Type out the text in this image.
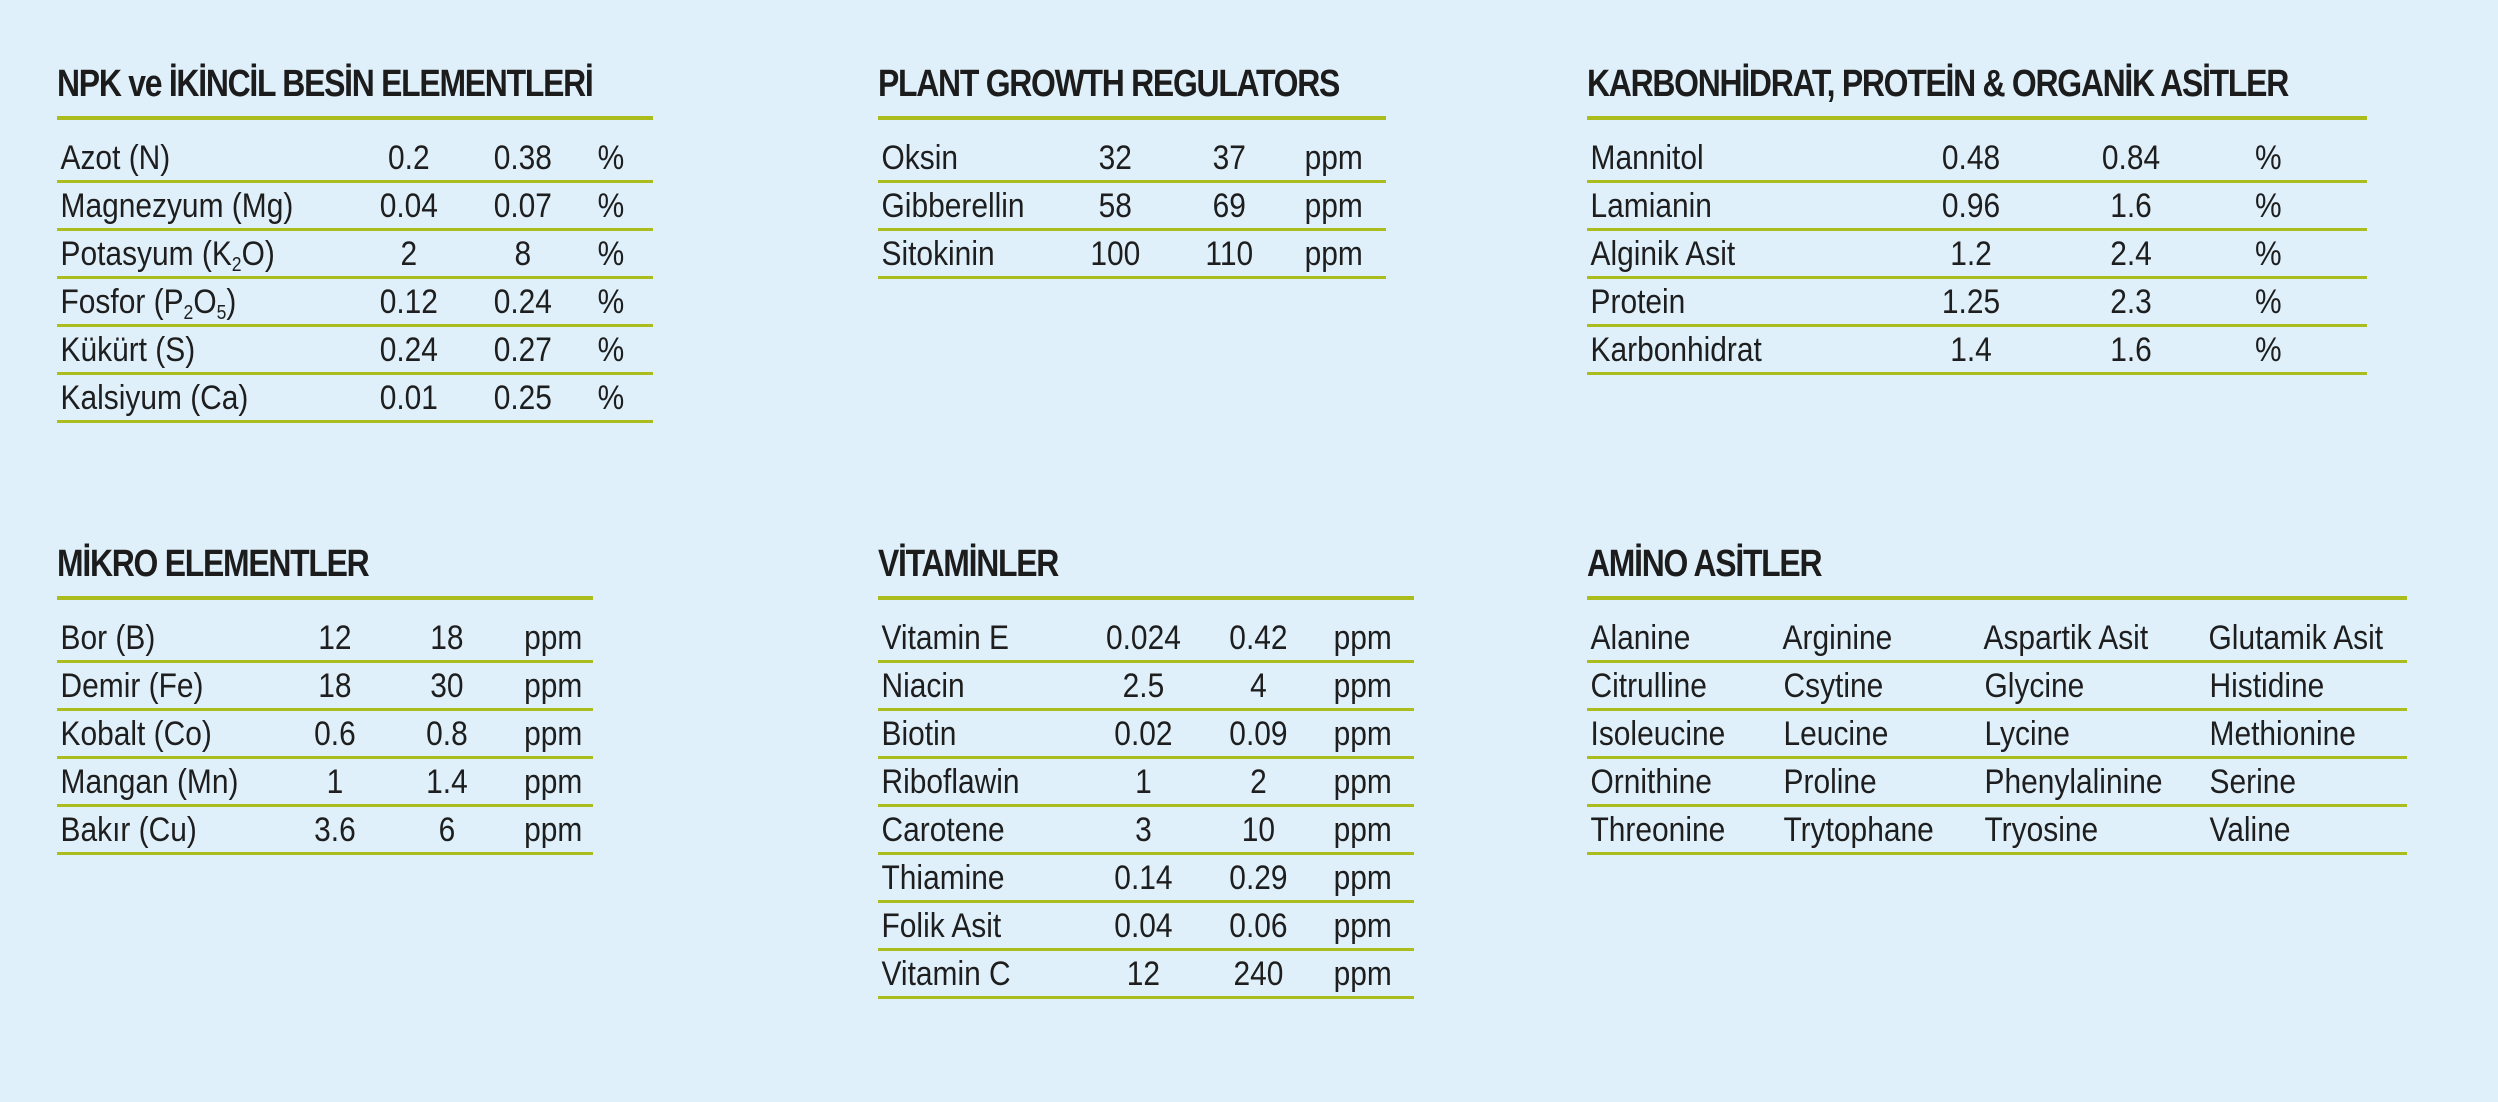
NPK ve İKİNCİL BESİN ELEMENTLERİ
Azot (N)	0.2	0.38	%
Magnezyum (Mg)	0.04	0.07	%
Potasyum $(K_2O)$	2	8	%
Fosfor $(P_2O_5)$	0.12	0.24	%
Kükürt (S)	0.24	0.27	%
Kalsiyum (Ca)	0.01	0.25	%
PLANT GROWTH REGULATORS
Oksin	32	37	ppm
Gibberellin	58	69	ppm
Sitokinin	100	110	ppm
KARBONHİDRAT, PROTEİN & ORGANİK ASİTLER
Mannitol	0.48	0.84	%
Lamianin	0.96	1.6	%
Alginik Asit	1.2	2.4	%
Protein	1.25	2.3	%
Karbonhidrat	1.4	1.6	%
MİKRO ELEMENTLER
Bor (B)	12	18	ppm
Demir (Fe)	18	30	ppm
Kobalt (Co)	0.6	0.8	ppm
Mangan (Mn)	1	1.4	ppm
Bakır (Cu)	3.6	6	ppm
VİTAMİNLER
Vitamin E	0.024	0.42	ppm
Niacin	2.5	4	ppm
Biotin	0.02	0.09	ppm
Riboflawin	1	2	ppm
Carotene	3	10	ppm
Thiamine	0.14	0.29	ppm
Folik Asit	0.04	0.06	ppm
Vitamin C	12	240	ppm
AMİNO ASİTLER
Alanine	Arginine	Aspartik Asit	Glutamik Asit
Citrulline	Csytine	Glycine	Histidine
Isoleucine	Leucine	Lycine	Methionine
Ornithine	Proline	Phenylalinine	Serine
Threonine	Trytophane	Tryosine	Valine
